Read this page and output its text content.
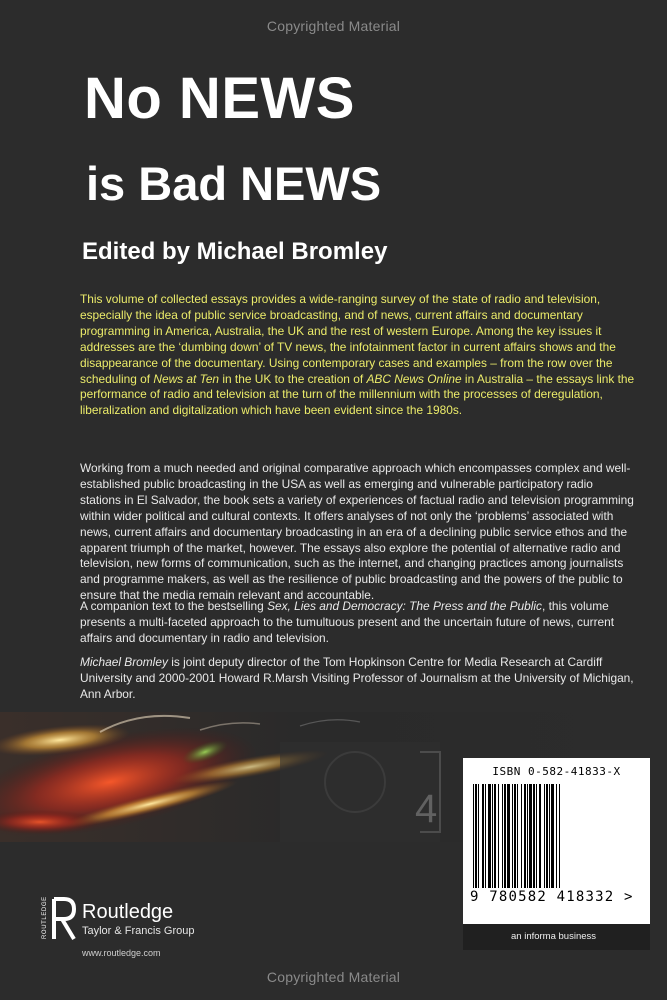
Copyrighted Material
No NEWS
is Bad NEWS
Edited by Michael Bromley

This volume of collected essays provides a wide-ranging survey of the state of radio and television, especially the idea of public service broadcasting, and of news, current affairs and documentary programming in America, Australia, the UK and the rest of western Europe. Among the key issues it addresses are the ‘dumbing down’ of TV news, the infotainment factor in current affairs shows and the disappearance of the documentary. Using contemporary cases and examples – from the row over the scheduling of News at Ten in the UK to the creation of ABC News Online in Australia – the essays link the performance of radio and television at the turn of the millennium with the processes of deregulation, liberalization and digitalization which have been evident since the 1980s.

Working from a much needed and original comparative approach which encompasses complex and well-established public broadcasting in the USA as well as emerging and vulnerable participatory radio stations in El Salvador, the book sets a variety of experiences of factual radio and television programming within wider political and cultural contexts. It offers analyses of not only the ‘problems’ associated with news, current affairs and documentary broadcasting in an era of a declining public service ethos and the apparent triumph of the market, however. The essays also explore the potential of alternative radio and television, new forms of communication, such as the internet, and changing practices among journalists and programme makers, as well as the resilience of public broadcasting and the powers of the public to ensure that the media remain relevant and accountable.

A companion text to the bestselling Sex, Lies and Democracy: The Press and the Public, this volume presents a multi-faceted approach to the tumultuous present and the uncertain future of news, current affairs and documentary in radio and television.

Michael Bromley is joint deputy director of the Tom Hopkinson Centre for Media Research at Cardiff University and 2000-2001 Howard R.Marsh Visiting Professor of Journalism at the University of Michigan, Ann Arbor.

4
ISBN 0-582-41833-X
9 780582 418332 >
an informa business
ROUTLEDGE Routledge
Taylor & Francis Group
www.routledge.com
Copyrighted Material
